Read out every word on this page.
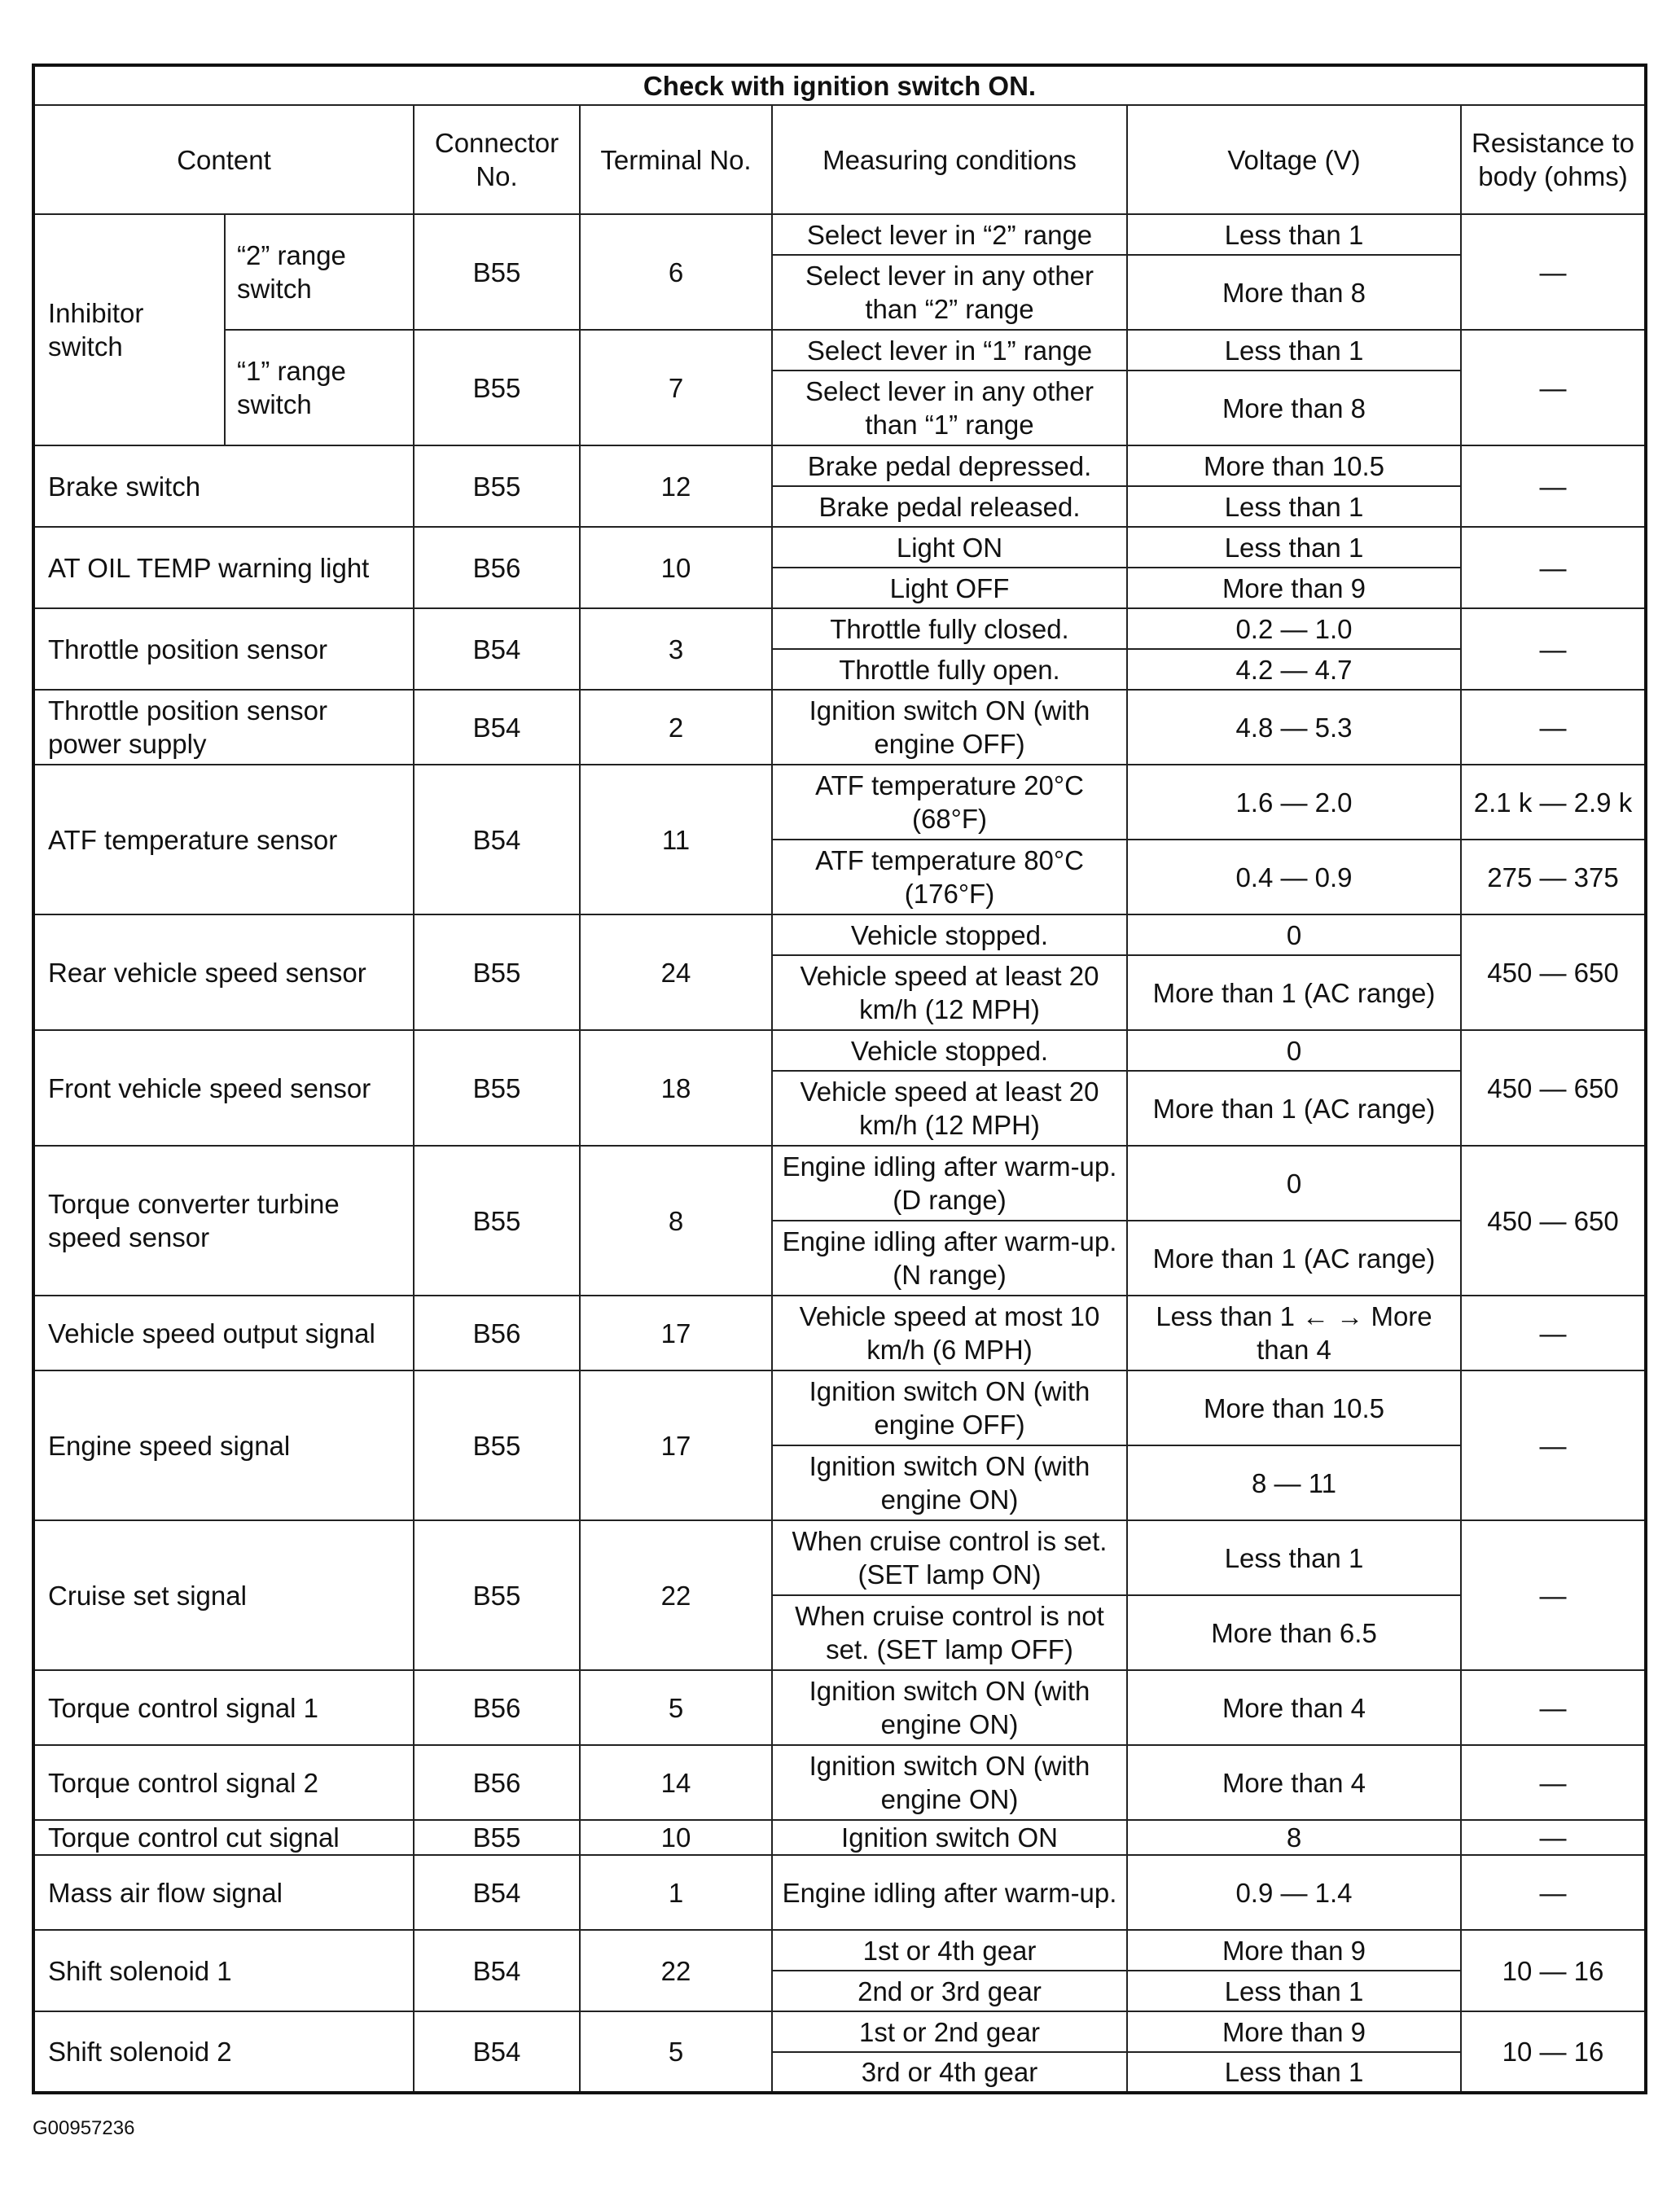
Check with ignition switch ON.						
Content		Connector No.	Terminal No.	Measuring conditions	Voltage (V)	Resistance to body (ohms)
Inhibitor switch	“2” range switch	B55	6	Select lever in “2” range	Less than 1	—
				Select lever in any other than “2” range	More than 8	
	“1” range switch	B55	7	Select lever in “1” range	Less than 1	—
				Select lever in any other than “1” range	More than 8	
Brake switch		B55	12	Brake pedal depressed.	More than 10.5	—
				Brake pedal released.	Less than 1	
AT OIL TEMP warning light		B56	10	Light ON	Less than 1	—
				Light OFF	More than 9	
Throttle position sensor		B54	3	Throttle fully closed.	0.2 — 1.0	—
				Throttle fully open.	4.2 — 4.7	
Throttle position sensor power supply		B54	2	Ignition switch ON (with engine OFF)	4.8 — 5.3	—
ATF temperature sensor		B54	11	ATF temperature 20°C (68°F)	1.6 — 2.0	2.1 k — 2.9 k
				ATF temperature 80°C (176°F)	0.4 — 0.9	275 — 375
Rear vehicle speed sensor		B55	24	Vehicle stopped.	0	450 — 650
				Vehicle speed at least 20 km/h (12 MPH)	More than 1 (AC range)	
Front vehicle speed sensor		B55	18	Vehicle stopped.	0	450 — 650
				Vehicle speed at least 20 km/h (12 MPH)	More than 1 (AC range)	
Torque converter turbine speed sensor		B55	8	Engine idling after warm-up. (D range)	0	450 — 650
				Engine idling after warm-up. (N range)	More than 1 (AC range)	
Vehicle speed output signal		B56	17	Vehicle speed at most 10 km/h (6 MPH)	Less than 1 ← → More than 4	—
Engine speed signal		B55	17	Ignition switch ON (with engine OFF)	More than 10.5	—
				Ignition switch ON (with engine ON)	8 — 11	
Cruise set signal		B55	22	When cruise control is set. (SET lamp ON)	Less than 1	—
				When cruise control is not set. (SET lamp OFF)	More than 6.5	
Torque control signal 1		B56	5	Ignition switch ON (with engine ON)	More than 4	—
Torque control signal 2		B56	14	Ignition switch ON (with engine ON)	More than 4	—
Torque control cut signal		B55	10	Ignition switch ON	8	—
Mass air flow signal		B54	1	Engine idling after warm-up.	0.9 — 1.4	—
Shift solenoid 1		B54	22	1st or 4th gear	More than 9	10 — 16
				2nd or 3rd gear	Less than 1	
Shift solenoid 2		B54	5	1st or 2nd gear	More than 9	10 — 16
				3rd or 4th gear	Less than 1	
G00957236
